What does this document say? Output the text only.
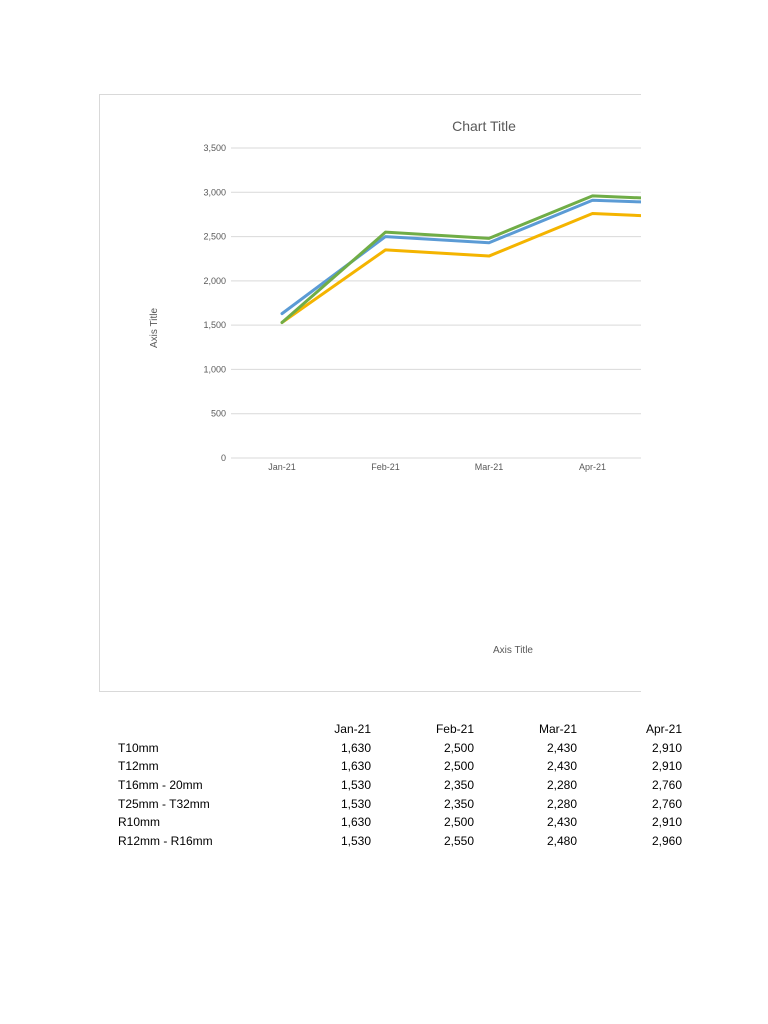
Chart Title
0
500
1,000
1,500
2,000
2,500
3,000
3,500
Jan-21	Feb-21	Mar-21	Apr-21
Axis Title
Axis Title
	Jan-21	Feb-21	Mar-21	Apr-21
T10mm	1,630	2,500	2,430	2,910
T12mm	1,630	2,500	2,430	2,910
T16mm - 20mm	1,530	2,350	2,280	2,760
T25mm - T32mm	1,530	2,350	2,280	2,760
R10mm	1,630	2,500	2,430	2,910
R12mm - R16mm	1,530	2,550	2,480	2,960
